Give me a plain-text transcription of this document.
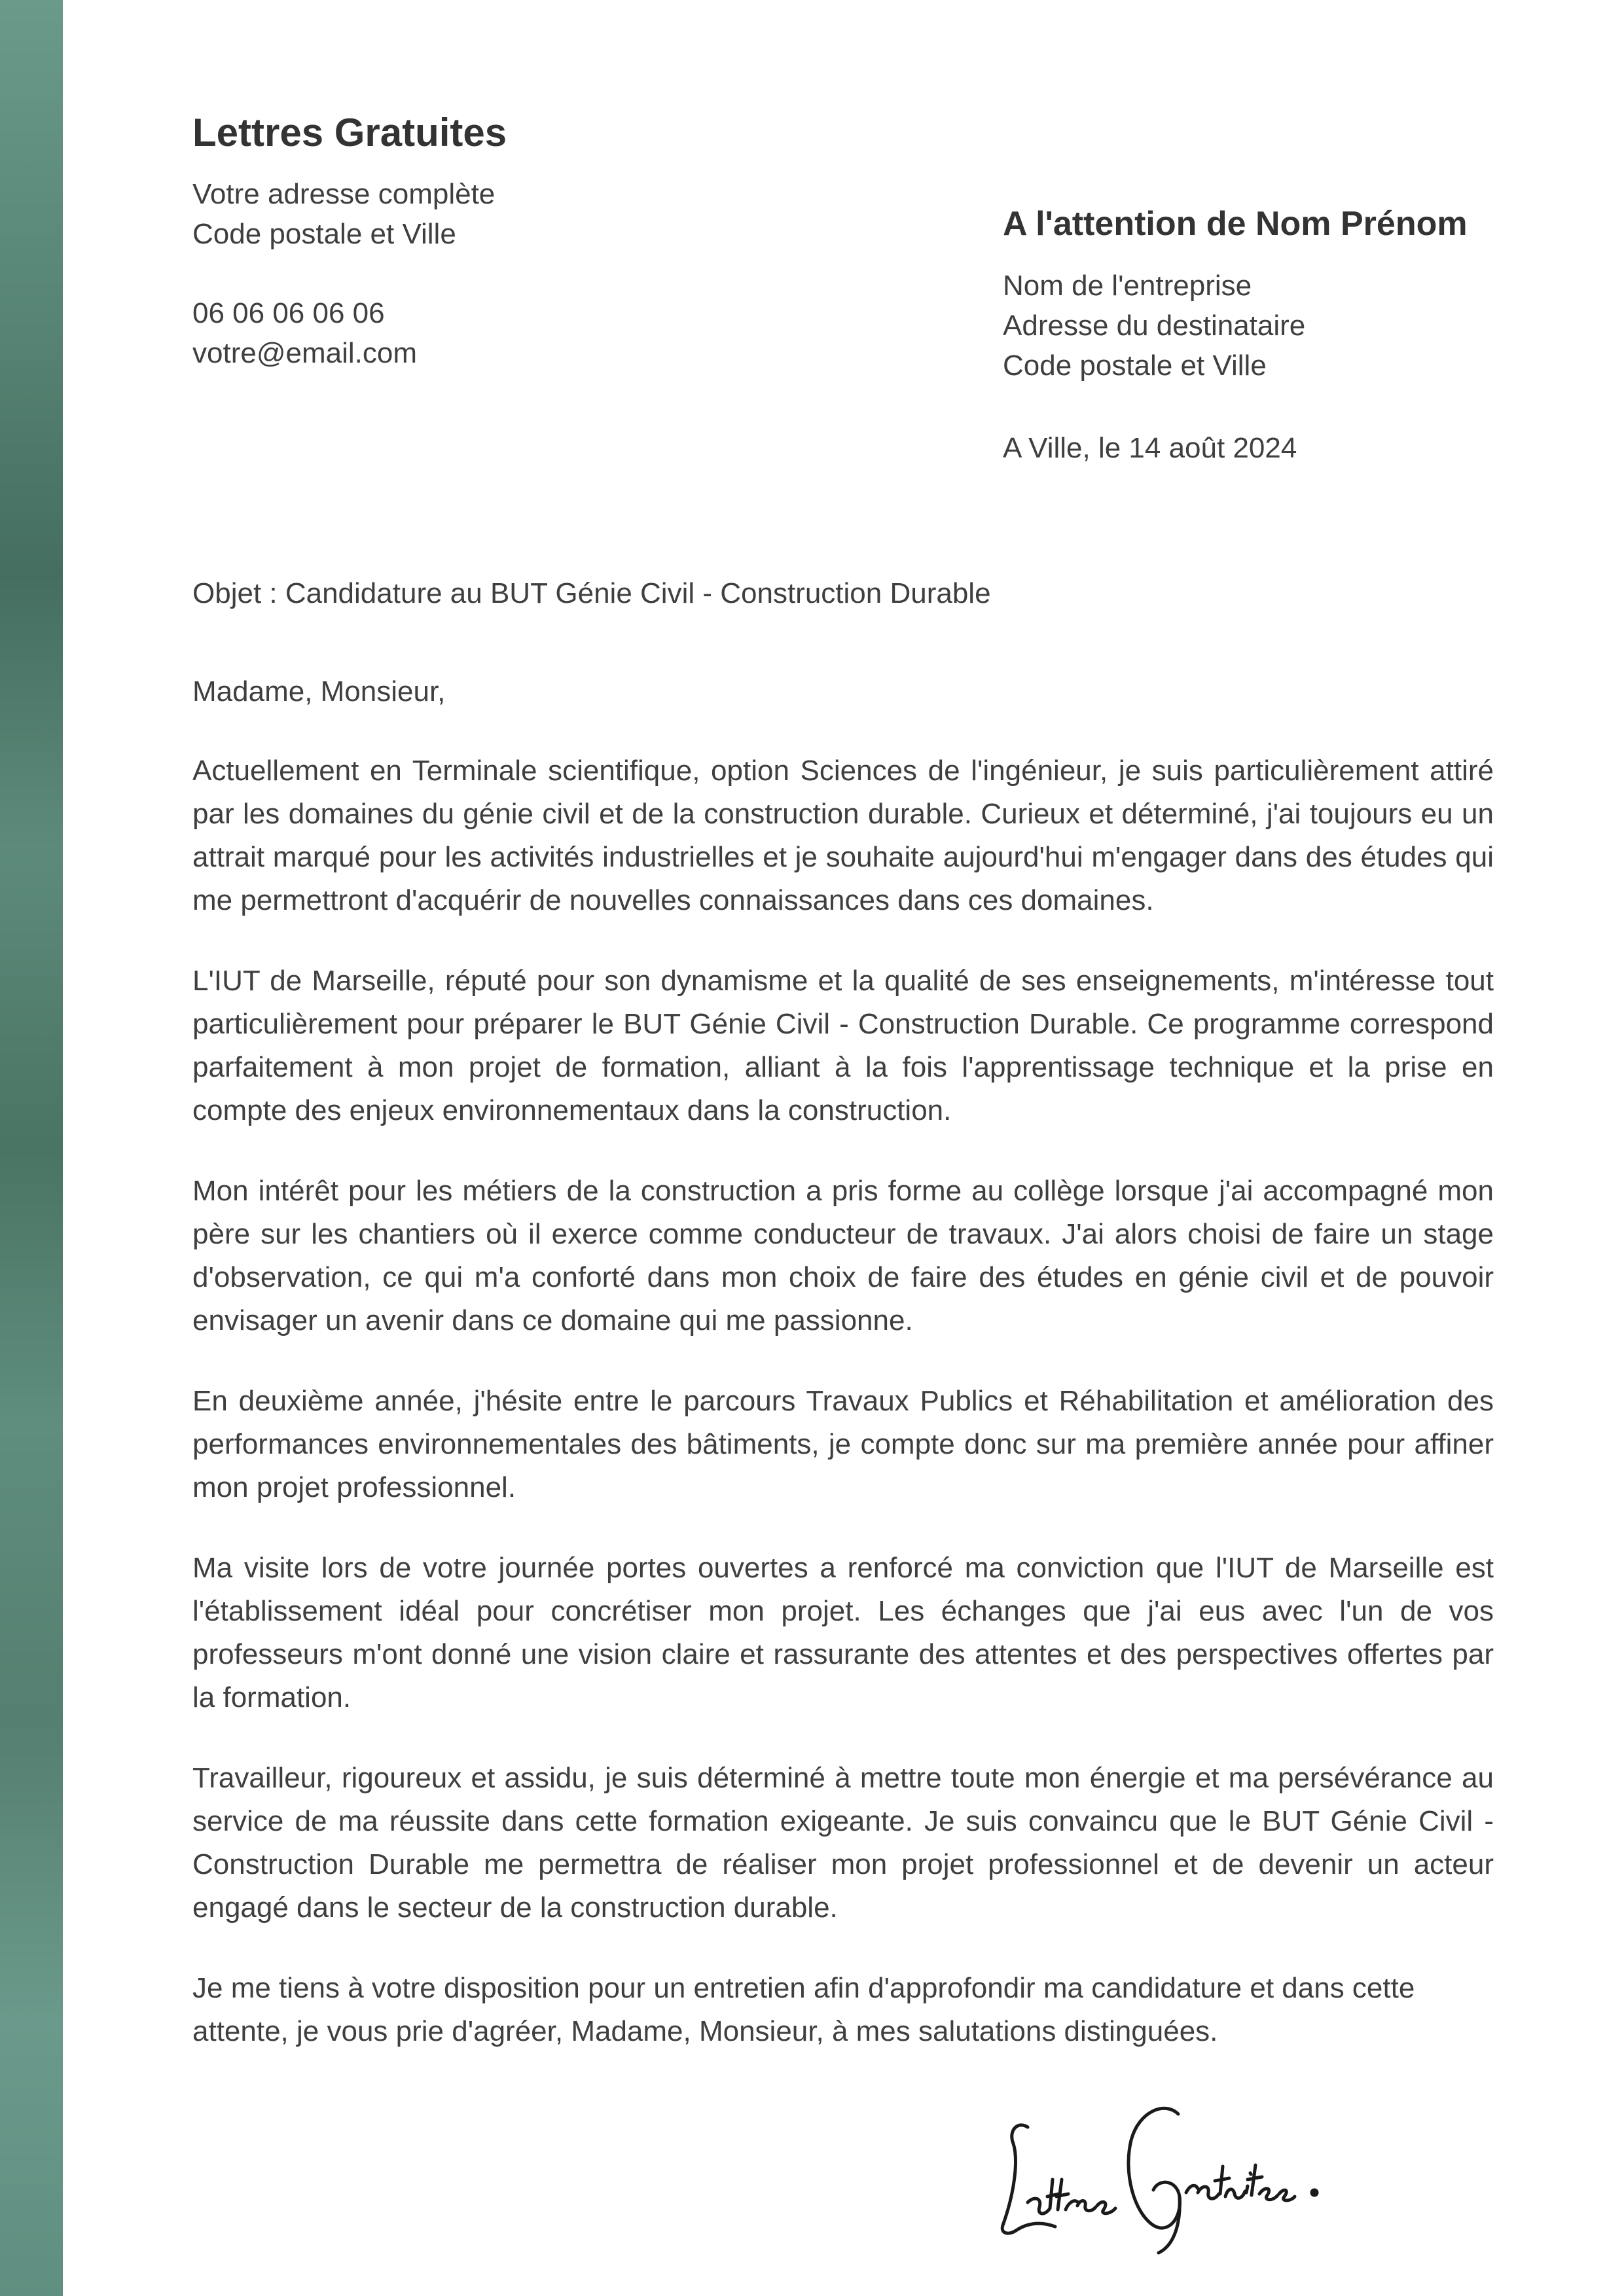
Lettres Gratuites
Votre adresse complète
Code postale et Ville
06 06 06 06 06
votre@email.com
A l'attention de Nom Prénom
Nom de l'entreprise
Adresse du destinataire
Code postale et Ville
A Ville, le 14 août 2024
Objet : Candidature au BUT Génie Civil - Construction Durable
Madame, Monsieur,

Actuellement en Terminale scientifique, option Sciences de l'ingénieur, je suis particulièrement attiré par les domaines du génie civil et de la construction durable. Curieux et déterminé, j'ai toujours eu un attrait marqué pour les activités industrielles et je souhaite aujourd'hui m'engager dans des études qui me permettront d'acquérir de nouvelles connaissances dans ces domaines.

L'IUT de Marseille, réputé pour son dynamisme et la qualité de ses enseignements, m'intéresse tout particulièrement pour préparer le BUT Génie Civil - Construction Durable. Ce programme correspond parfaitement à mon projet de formation, alliant à la fois l'apprentissage technique et la prise en compte des enjeux environnementaux dans la construction.

Mon intérêt pour les métiers de la construction a pris forme au collège lorsque j'ai accompagné mon père sur les chantiers où il exerce comme conducteur de travaux. J'ai alors choisi de faire un stage d'observation, ce qui m'a conforté dans mon choix de faire des études en génie civil et de pouvoir envisager un avenir dans ce domaine qui me passionne.

En deuxième année, j'hésite entre le parcours Travaux Publics et Réhabilitation et amélioration des performances environnementales des bâtiments, je compte donc sur ma première année pour affiner mon projet professionnel.

Ma visite lors de votre journée portes ouvertes a renforcé ma conviction que l'IUT de Marseille est l'établissement idéal pour concrétiser mon projet. Les échanges que j'ai eus avec l'un de vos professeurs m'ont donné une vision claire et rassurante des attentes et des perspectives offertes par la formation.

Travailleur, rigoureux et assidu, je suis déterminé à mettre toute mon énergie et ma persévérance au service de ma réussite dans cette formation exigeante. Je suis convaincu que le BUT Génie Civil - Construction Durable me permettra de réaliser mon projet professionnel et de devenir un acteur engagé dans le secteur de la construction durable.

Je me tiens à votre disposition pour un entretien afin d'approfondir ma candidature et dans cette attente, je vous prie d'agréer, Madame, Monsieur, à mes salutations distinguées.
